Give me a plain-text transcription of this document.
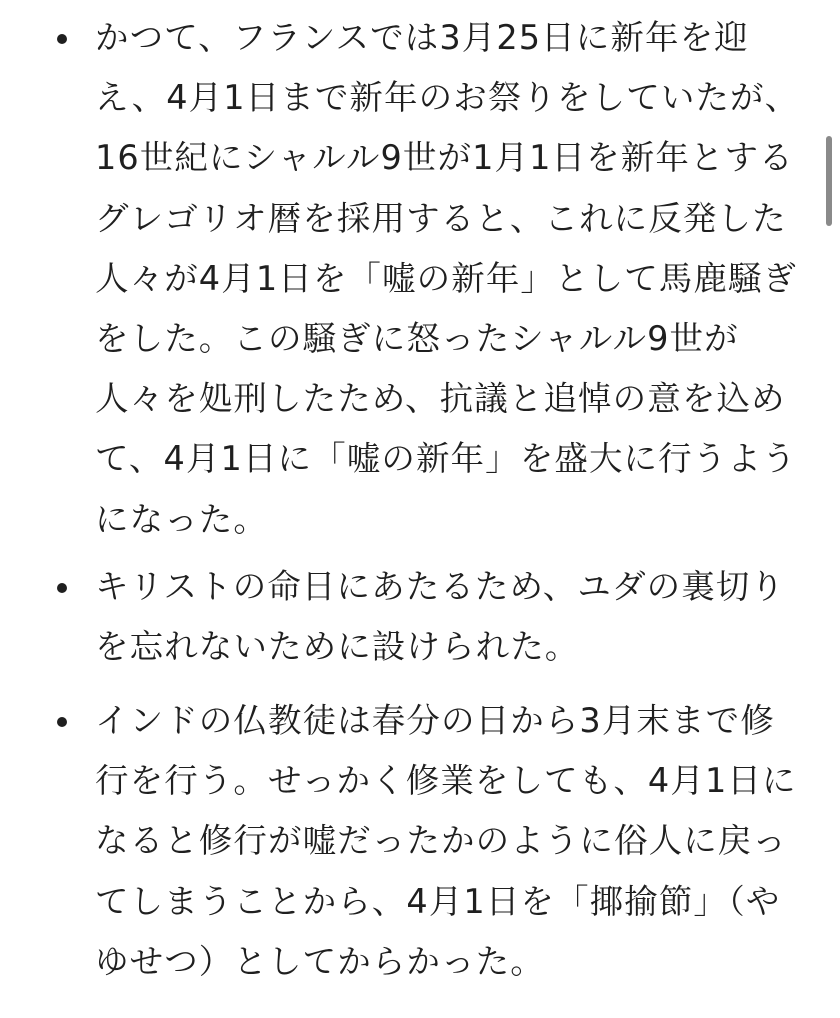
かつて、フランスでは3月25日に新年を迎え、4月1日まで新年のお祭りをしていたが、16世紀にシャルル9世が1月1日を新年とするグレゴリオ暦を採用すると、これに反発した人々が4月1日を「嘘の新年」として馬鹿騒ぎをした。この騒ぎに怒ったシャルル9世が人々を処刑したため、抗議と追悼の意を込めて、4月1日に「嘘の新年」を盛大に行うようになった。

キリストの命日にあたるため、ユダの裏切りを忘れないために設けられた。

インドの仏教徒は春分の日から3月末まで修行を行う。せっかく修業をしても、4月1日になると修行が嘘だったかのように俗人に戻ってしまうことから、4月1日を「揶揄節」（やゆせつ）としてからかった。
